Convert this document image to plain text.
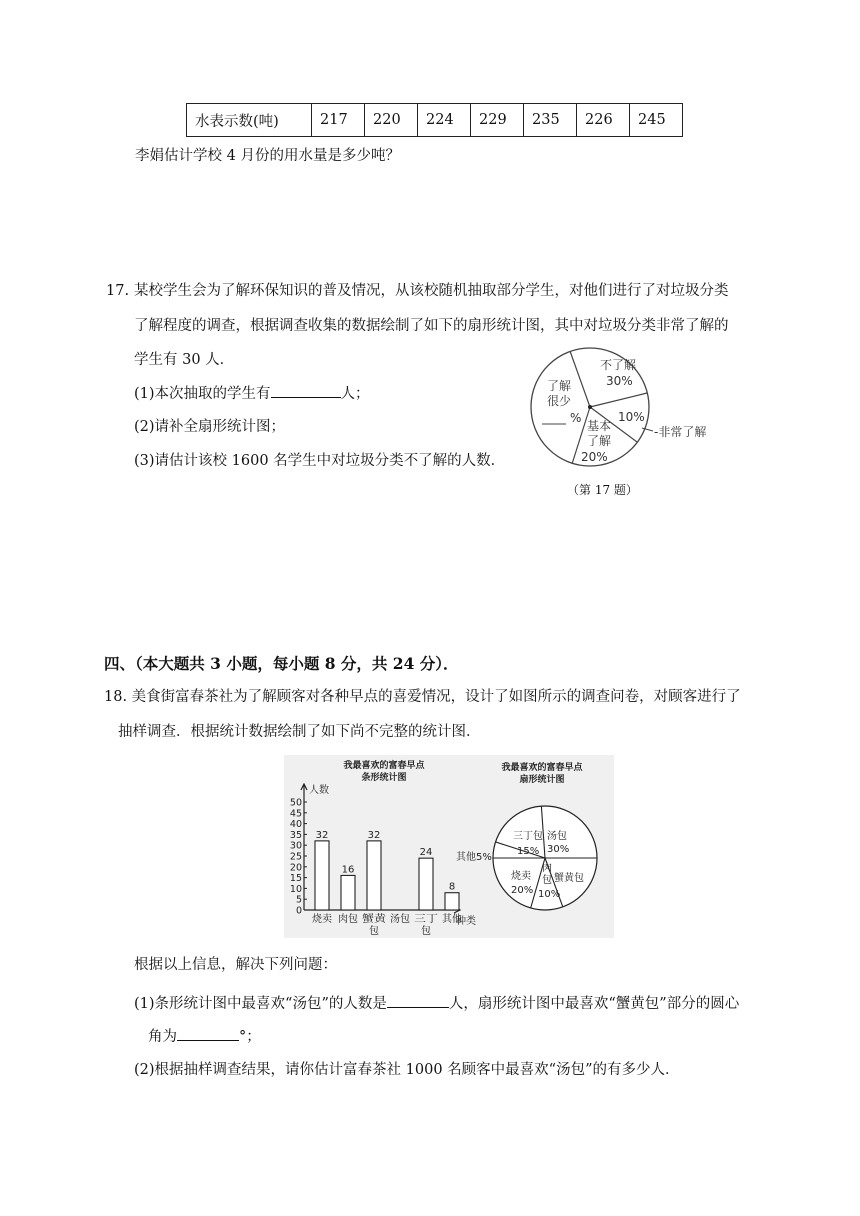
水表示数(吨)	217	220	224	229	235	226	245
李娟估计学校 4 月份的用水量是多少吨？
17. 某校学生会为了解环保知识的普及情况，从该校随机抽取部分学生，对他们进行了对垃圾分类
了解程度的调查，根据调查收集的数据绘制了如下的扇形统计图，其中对垃圾分类非常了解的
学生有 30 人．
(1)本次抽取的学生有	人；
(2)请补全扇形统计图；
(3)请估计该校 1600 名学生中对垃圾分类不了解的人数．
不了解
30%
了解
很少
%
基本
了解
20%
10%
-非常了解
（第 17 题）
四、（本大题共 3 小题，每小题 8 分，共 24 分）．
18. 美食街富春茶社为了解顾客对各种早点的喜爱情况，设计了如图所示的调查问卷，对顾客进行了
抽样调查．根据统计数据绘制了如下尚不完整的统计图．
我最喜欢的富春早点
条形统计图
人数
种类
0
5
10
15
20
25
30
35
40
45
50
32
16
32
24
8
烧卖 肉包 蟹黄
包
汤包 三丁
包
其他
我最喜欢的富春早点
扇形统计图
汤包
30%
三丁包
15%
其他5%
烧卖
20%
肉
包
10%
蟹黄包
根据以上信息，解决下列问题：
(1)条形统计图中最喜欢“汤包”的人数是	人，扇形统计图中最喜欢“蟹黄包”部分的圆心
角为	°；
(2)根据抽样调查结果，请你估计富春茶社 1000 名顾客中最喜欢“汤包”的有多少人．
